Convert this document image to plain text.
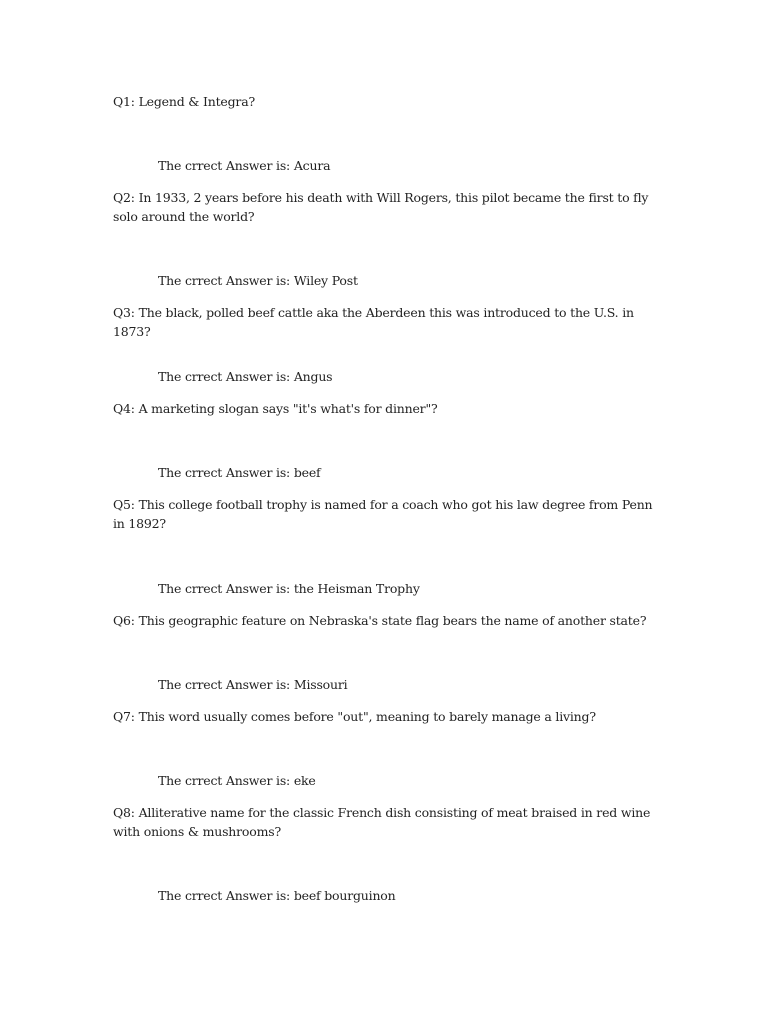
Q1: Legend & Integra?

The crrect Answer is: Acura

Q2: In 1933, 2 years before his death with Will Rogers, this pilot became the first to fly solo around the world?

The crrect Answer is: Wiley Post

Q3: The black, polled beef cattle aka the Aberdeen this was introduced to the U.S. in 1873?

The crrect Answer is: Angus

Q4: A marketing slogan says "it's what's for dinner"?

The crrect Answer is: beef

Q5: This college football trophy is named for a coach who got his law degree from Penn in 1892?

The crrect Answer is: the Heisman Trophy

Q6: This geographic feature on Nebraska's state flag bears the name of another state?

The crrect Answer is: Missouri

Q7: This word usually comes before "out", meaning to barely manage a living?

The crrect Answer is: eke

Q8: Alliterative name for the classic French dish consisting of meat braised in red wine with onions & mushrooms?

The crrect Answer is: beef bourguinon
